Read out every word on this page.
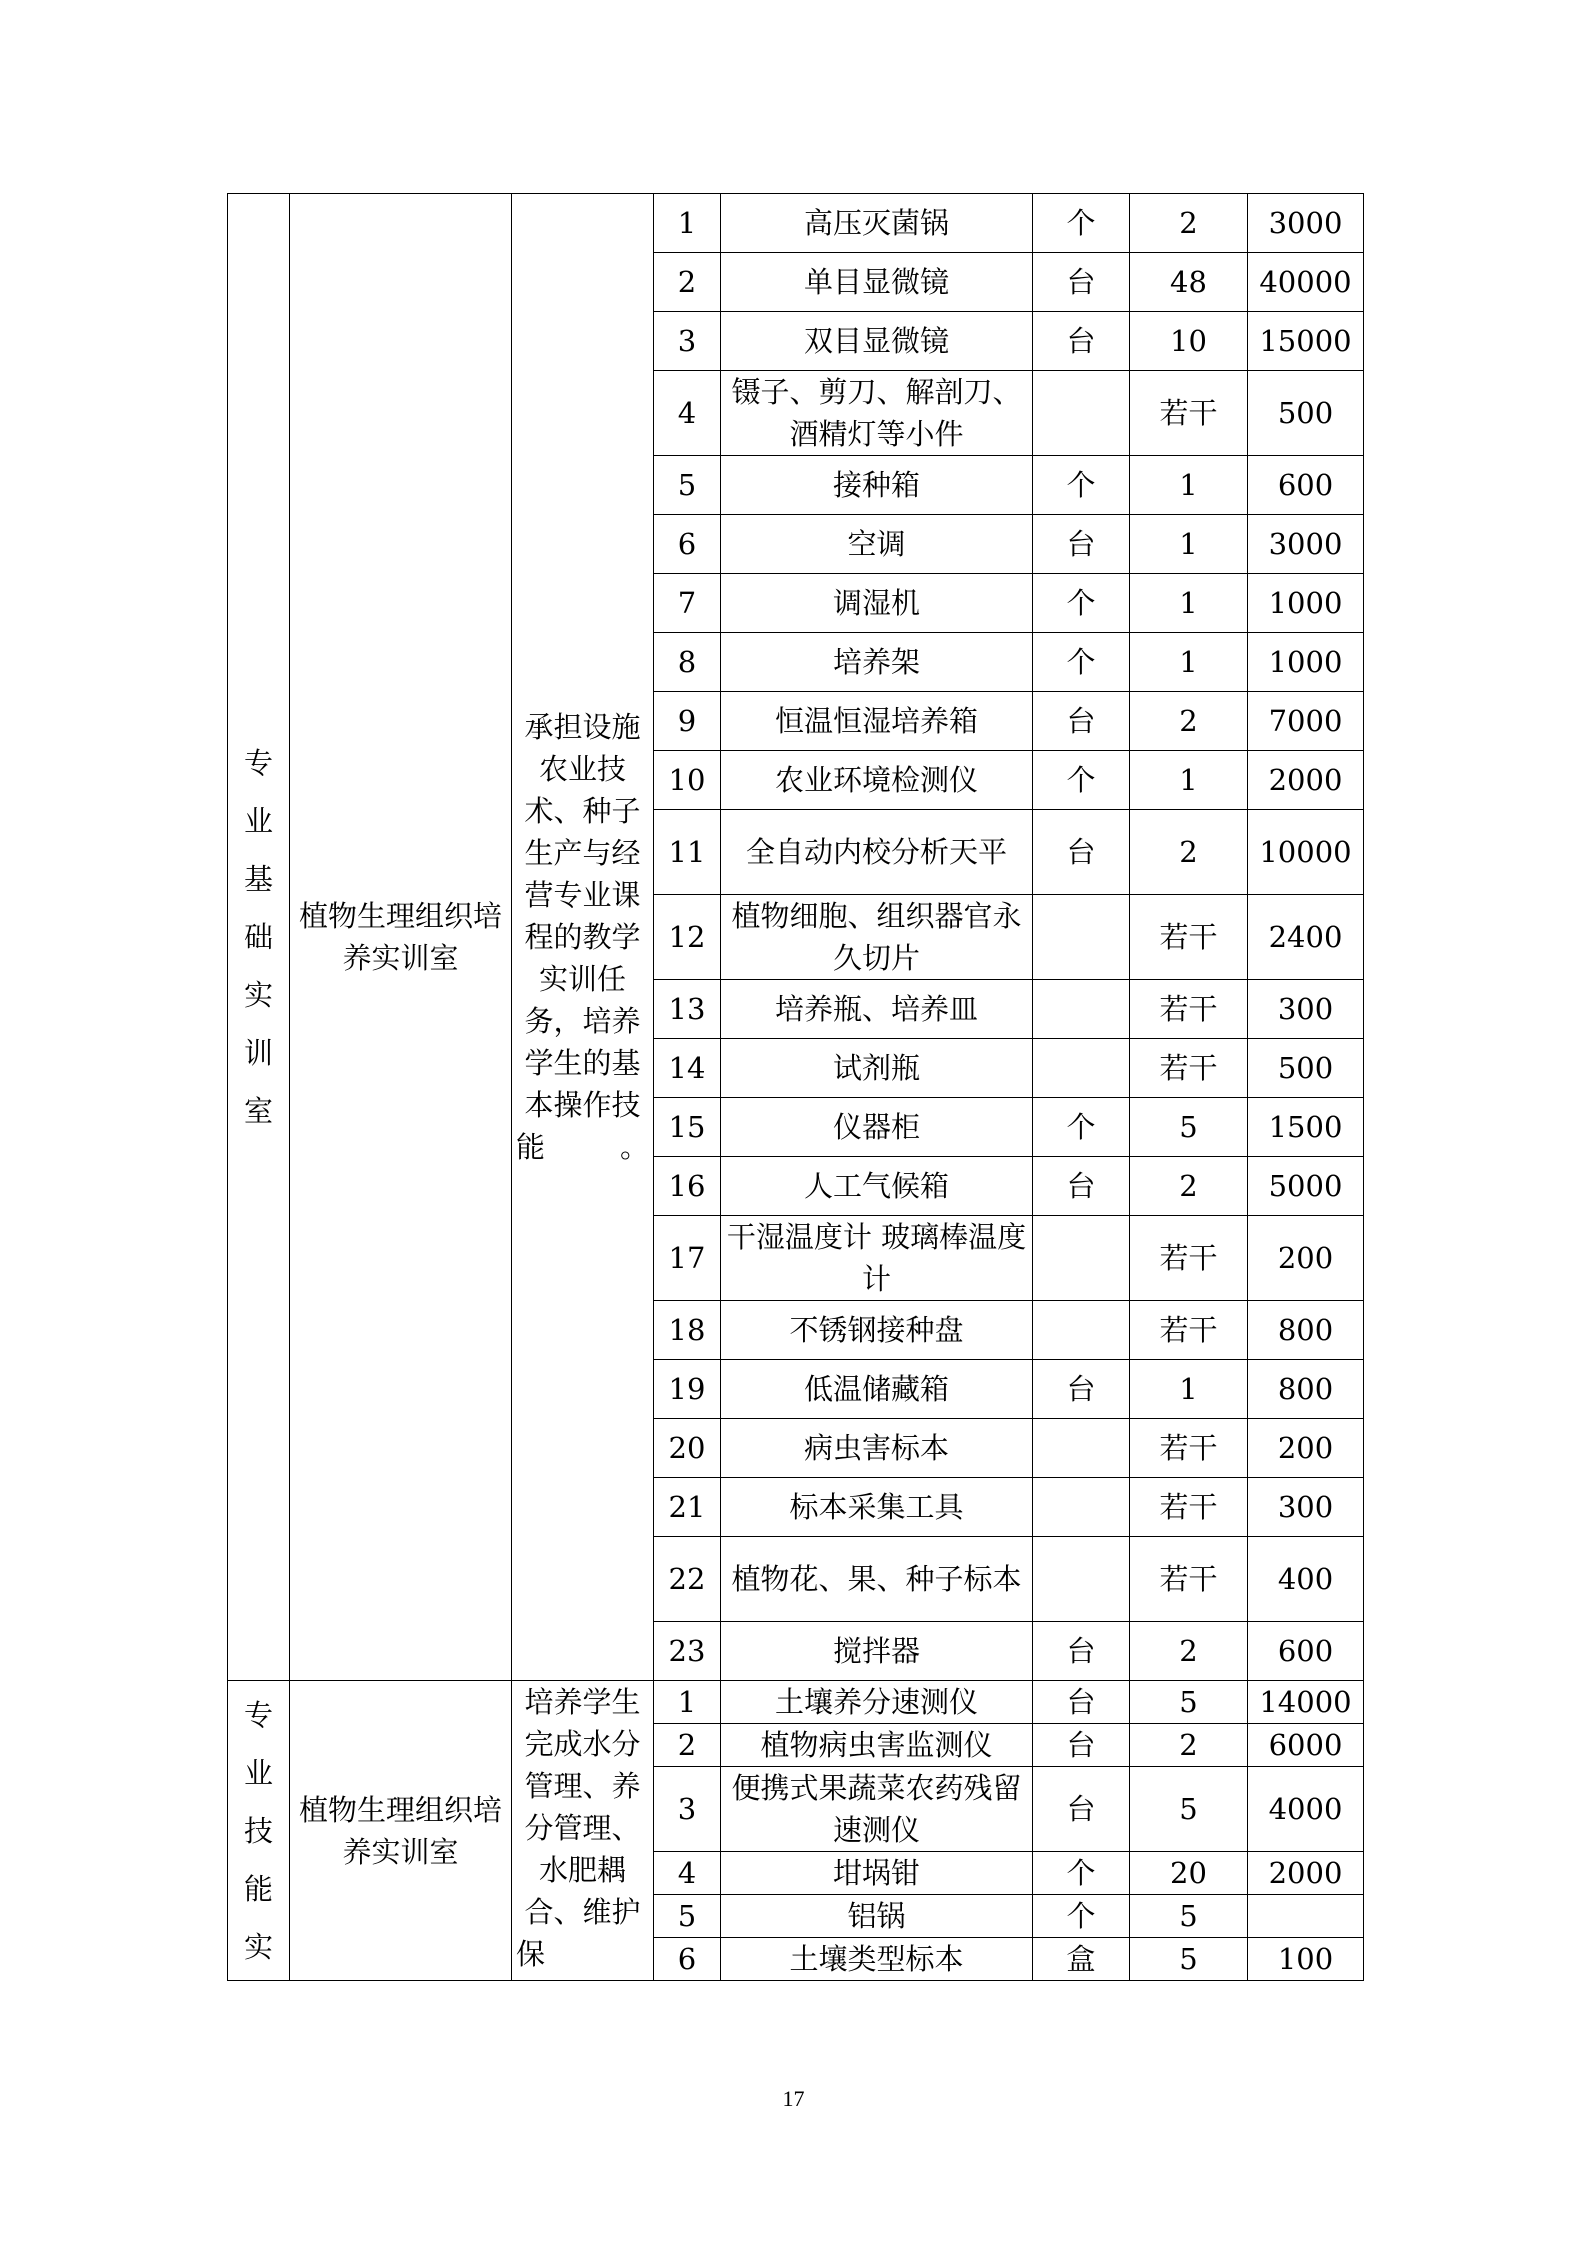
专业基础实训室	植物生理组织培养实训室	承担设施农业技术、种子生产与经营专业课程的教学实训任务，培养学生的基本操作技能。	1	高压灭菌锅	个	2	3000
			2	单目显微镜	台	48	40000
			3	双目显微镜	台	10	15000
			4	镊子、剪刀、解剖刀、酒精灯等小件		若干	500
			5	接种箱	个	1	600
			6	空调	台	1	3000
			7	调湿机	个	1	1000
			8	培养架	个	1	1000
			9	恒温恒湿培养箱	台	2	7000
			10	农业环境检测仪	个	1	2000
			11	全自动内校分析天平	台	2	10000
			12	植物细胞、组织器官永久切片		若干	2400
			13	培养瓶、培养皿		若干	300
			14	试剂瓶		若干	500
			15	仪器柜	个	5	1500
			16	人工气候箱	台	2	5000
			17	干湿温度计 玻璃棒温度计		若干	200
			18	不锈钢接种盘		若干	800
			19	低温储藏箱	台	1	800
			20	病虫害标本		若干	200
			21	标本采集工具		若干	300
			22	植物花、果、种子标本		若干	400
			23	搅拌器	台	2	600

专业技能实	植物生理组织培养实训室	培养学生完成水分管理、养分管理、水肥耦合、维护保	1	土壤养分速测仪	台	5	14000
			2	植物病虫害监测仪	台	2	6000
			3	便携式果蔬菜农药残留速测仪	台	5	4000
			4	坩埚钳	个	20	2000
			5	铝锅	个	5	
			6	土壤类型标本	盒	5	100
17
